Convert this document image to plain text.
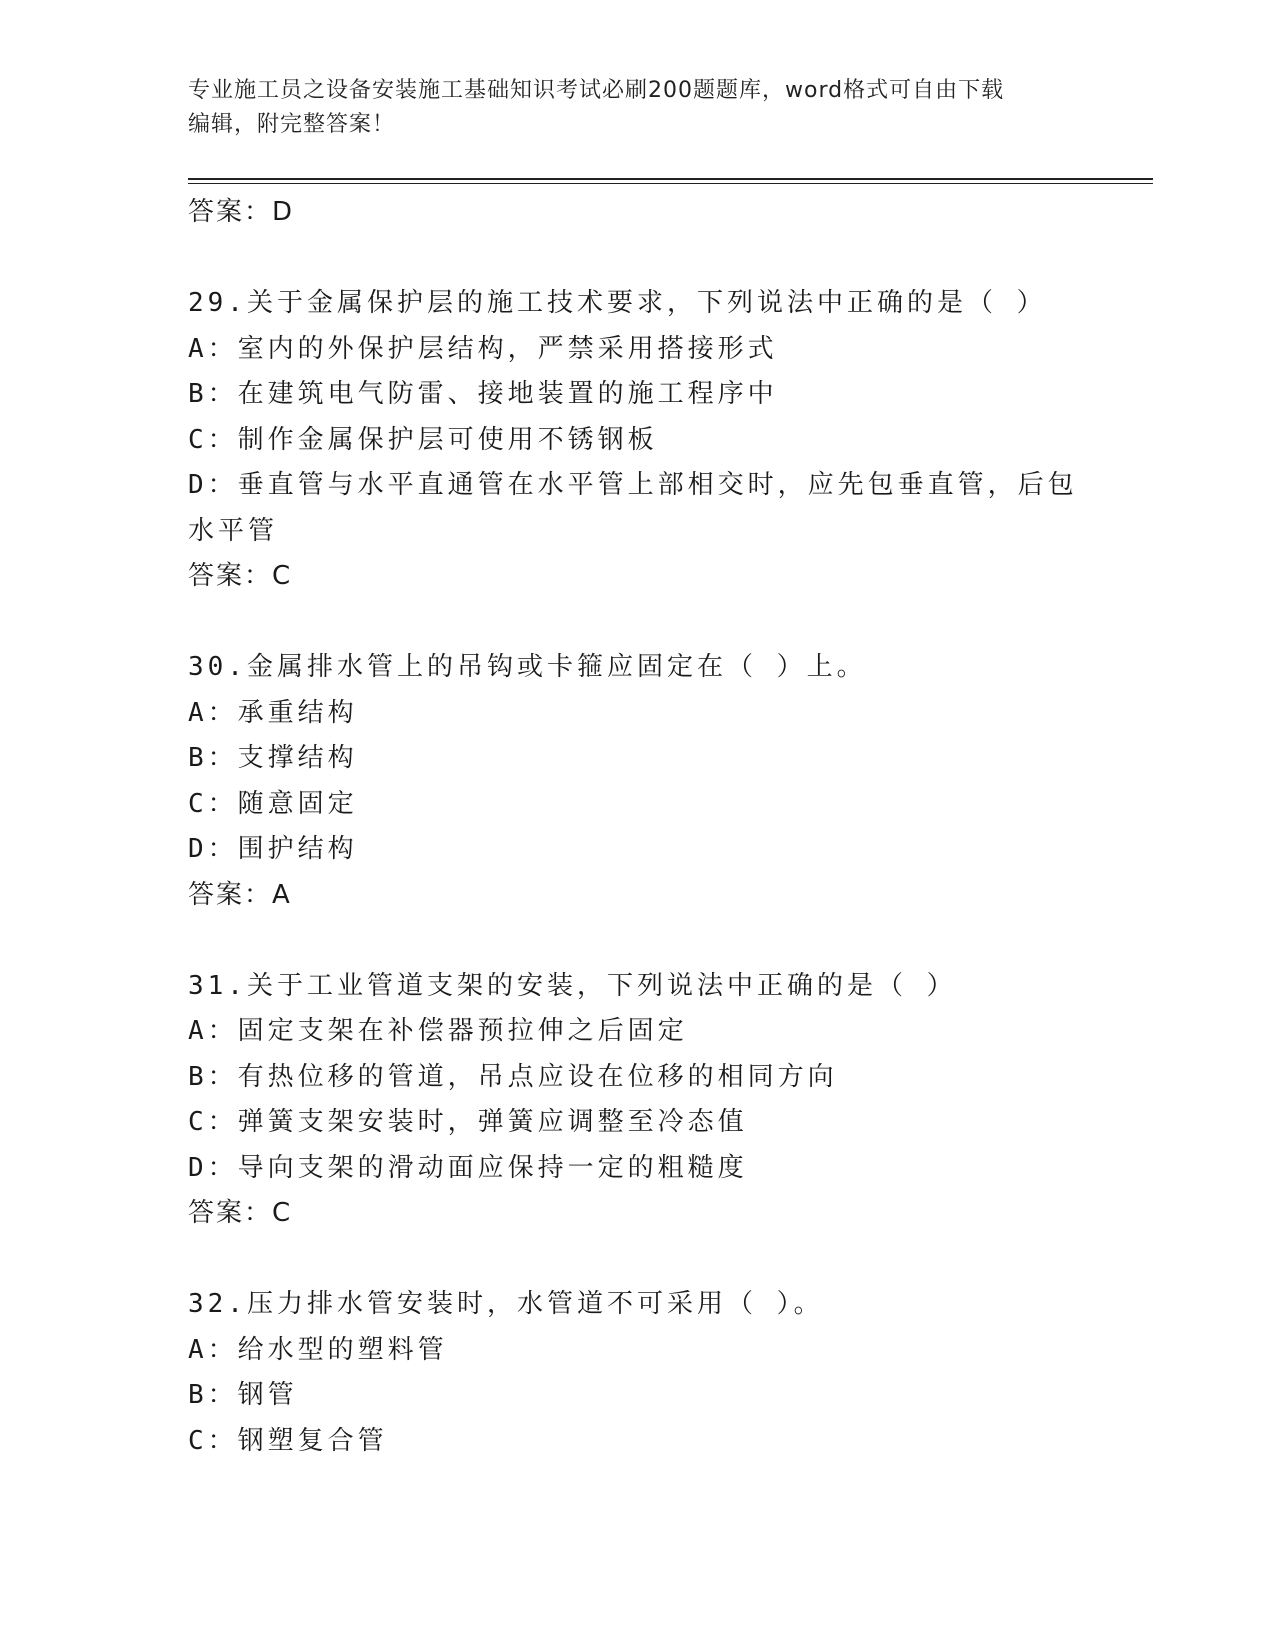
专业施工员之设备安装施工基础知识考试必刷200题题库，word格式可自由下载
编辑，附完整答案！
答案：D
29.关于金属保护层的施工技术要求，下列说法中正确的是（ ）
A：室内的外保护层结构，严禁采用搭接形式
B：在建筑电气防雷、接地装置的施工程序中
C：制作金属保护层可使用不锈钢板
D：垂直管与水平直通管在水平管上部相交时，应先包垂直管，后包水平管
答案：C
30.金属排水管上的吊钩或卡箍应固定在（ ）上。
A：承重结构
B：支撑结构
C：随意固定
D：围护结构
答案：A
31.关于工业管道支架的安装，下列说法中正确的是（ ）
A：固定支架在补偿器预拉伸之后固定
B：有热位移的管道，吊点应设在位移的相同方向
C：弹簧支架安装时，弹簧应调整至冷态值
D：导向支架的滑动面应保持一定的粗糙度
答案：C
32.压力排水管安装时，水管道不可采用（ ）。
A：给水型的塑料管
B：钢管
C：钢塑复合管
